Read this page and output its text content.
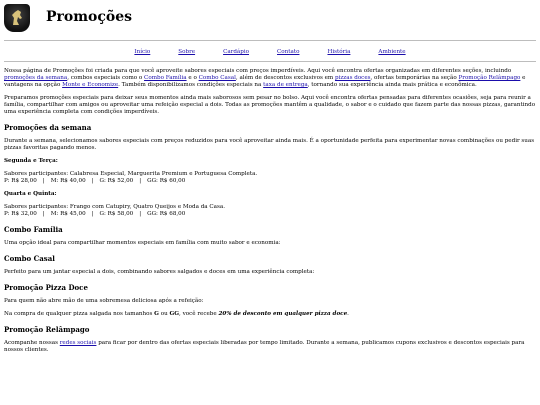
Promoções
Início	Sobre	Cardápio	Contato	História	Ambiente

Nossa página de Promoções foi criada para que você aproveite sabores especiais com preços imperdíveis. Aqui você encontra ofertas organizadas em diferentes seções, incluindo promoções da semana, combos especiais como o Combo Família e o Combo Casal, além de descontos exclusivos em pizzas doces, ofertas temporárias na seção Promoção Relâmpago e vantagens na opção Monte e Economize. Também disponibilizamos condições especiais na taxa de entrega, tornando sua experiência ainda mais prática e econômica.

Preparamos promoções especiais para deixar seus momentos ainda mais saborosos sem pesar no bolso. Aqui você encontra ofertas pensadas para diferentes ocasiões, seja para reunir a família, compartilhar com amigos ou aproveitar uma refeição especial a dois. Todas as promoções mantêm a qualidade, o sabor e o cuidado que fazem parte das nossas pizzas, garantindo uma experiência completa com condições imperdíveis.

Promoções da semana

Durante a semana, selecionamos sabores especiais com preços reduzidos para você aproveitar ainda mais. É a oportunidade perfeita para experimentar novas combinações ou pedir suas pizzas favoritas pagando menos.

Segunda e Terça:

Sabores participantes: Calabresa Especial, Marguerita Premium e Portuguesa Completa.
P: R$ 28,00 | M: R$ 40,00 | G: R$ 52,00 | GG: R$ 60,00

Quarta e Quinta:

Sabores participantes: Frango com Catupiry, Quatro Queijos e Moda da Casa.
P: R$ 32,00 | M: R$ 45,00 | G: R$ 58,00 | GG: R$ 68,00

Combo Família

Uma opção ideal para compartilhar momentos especiais em família com muito sabor e economia:

Combo Casal

Perfeito para um jantar especial a dois, combinando sabores salgados e doces em uma experiência completa:

Promoção Pizza Doce

Para quem não abre mão de uma sobremesa deliciosa após a refeição:

Na compra de qualquer pizza salgada nos tamanhos G ou GG, você recebe 20% de desconto em qualquer pizza doce.

Promoção Relâmpago

Acompanhe nossas redes sociais para ficar por dentro das ofertas especiais liberadas por tempo limitado. Durante a semana, publicamos cupons exclusivos e descontos especiais para nossos clientes.
